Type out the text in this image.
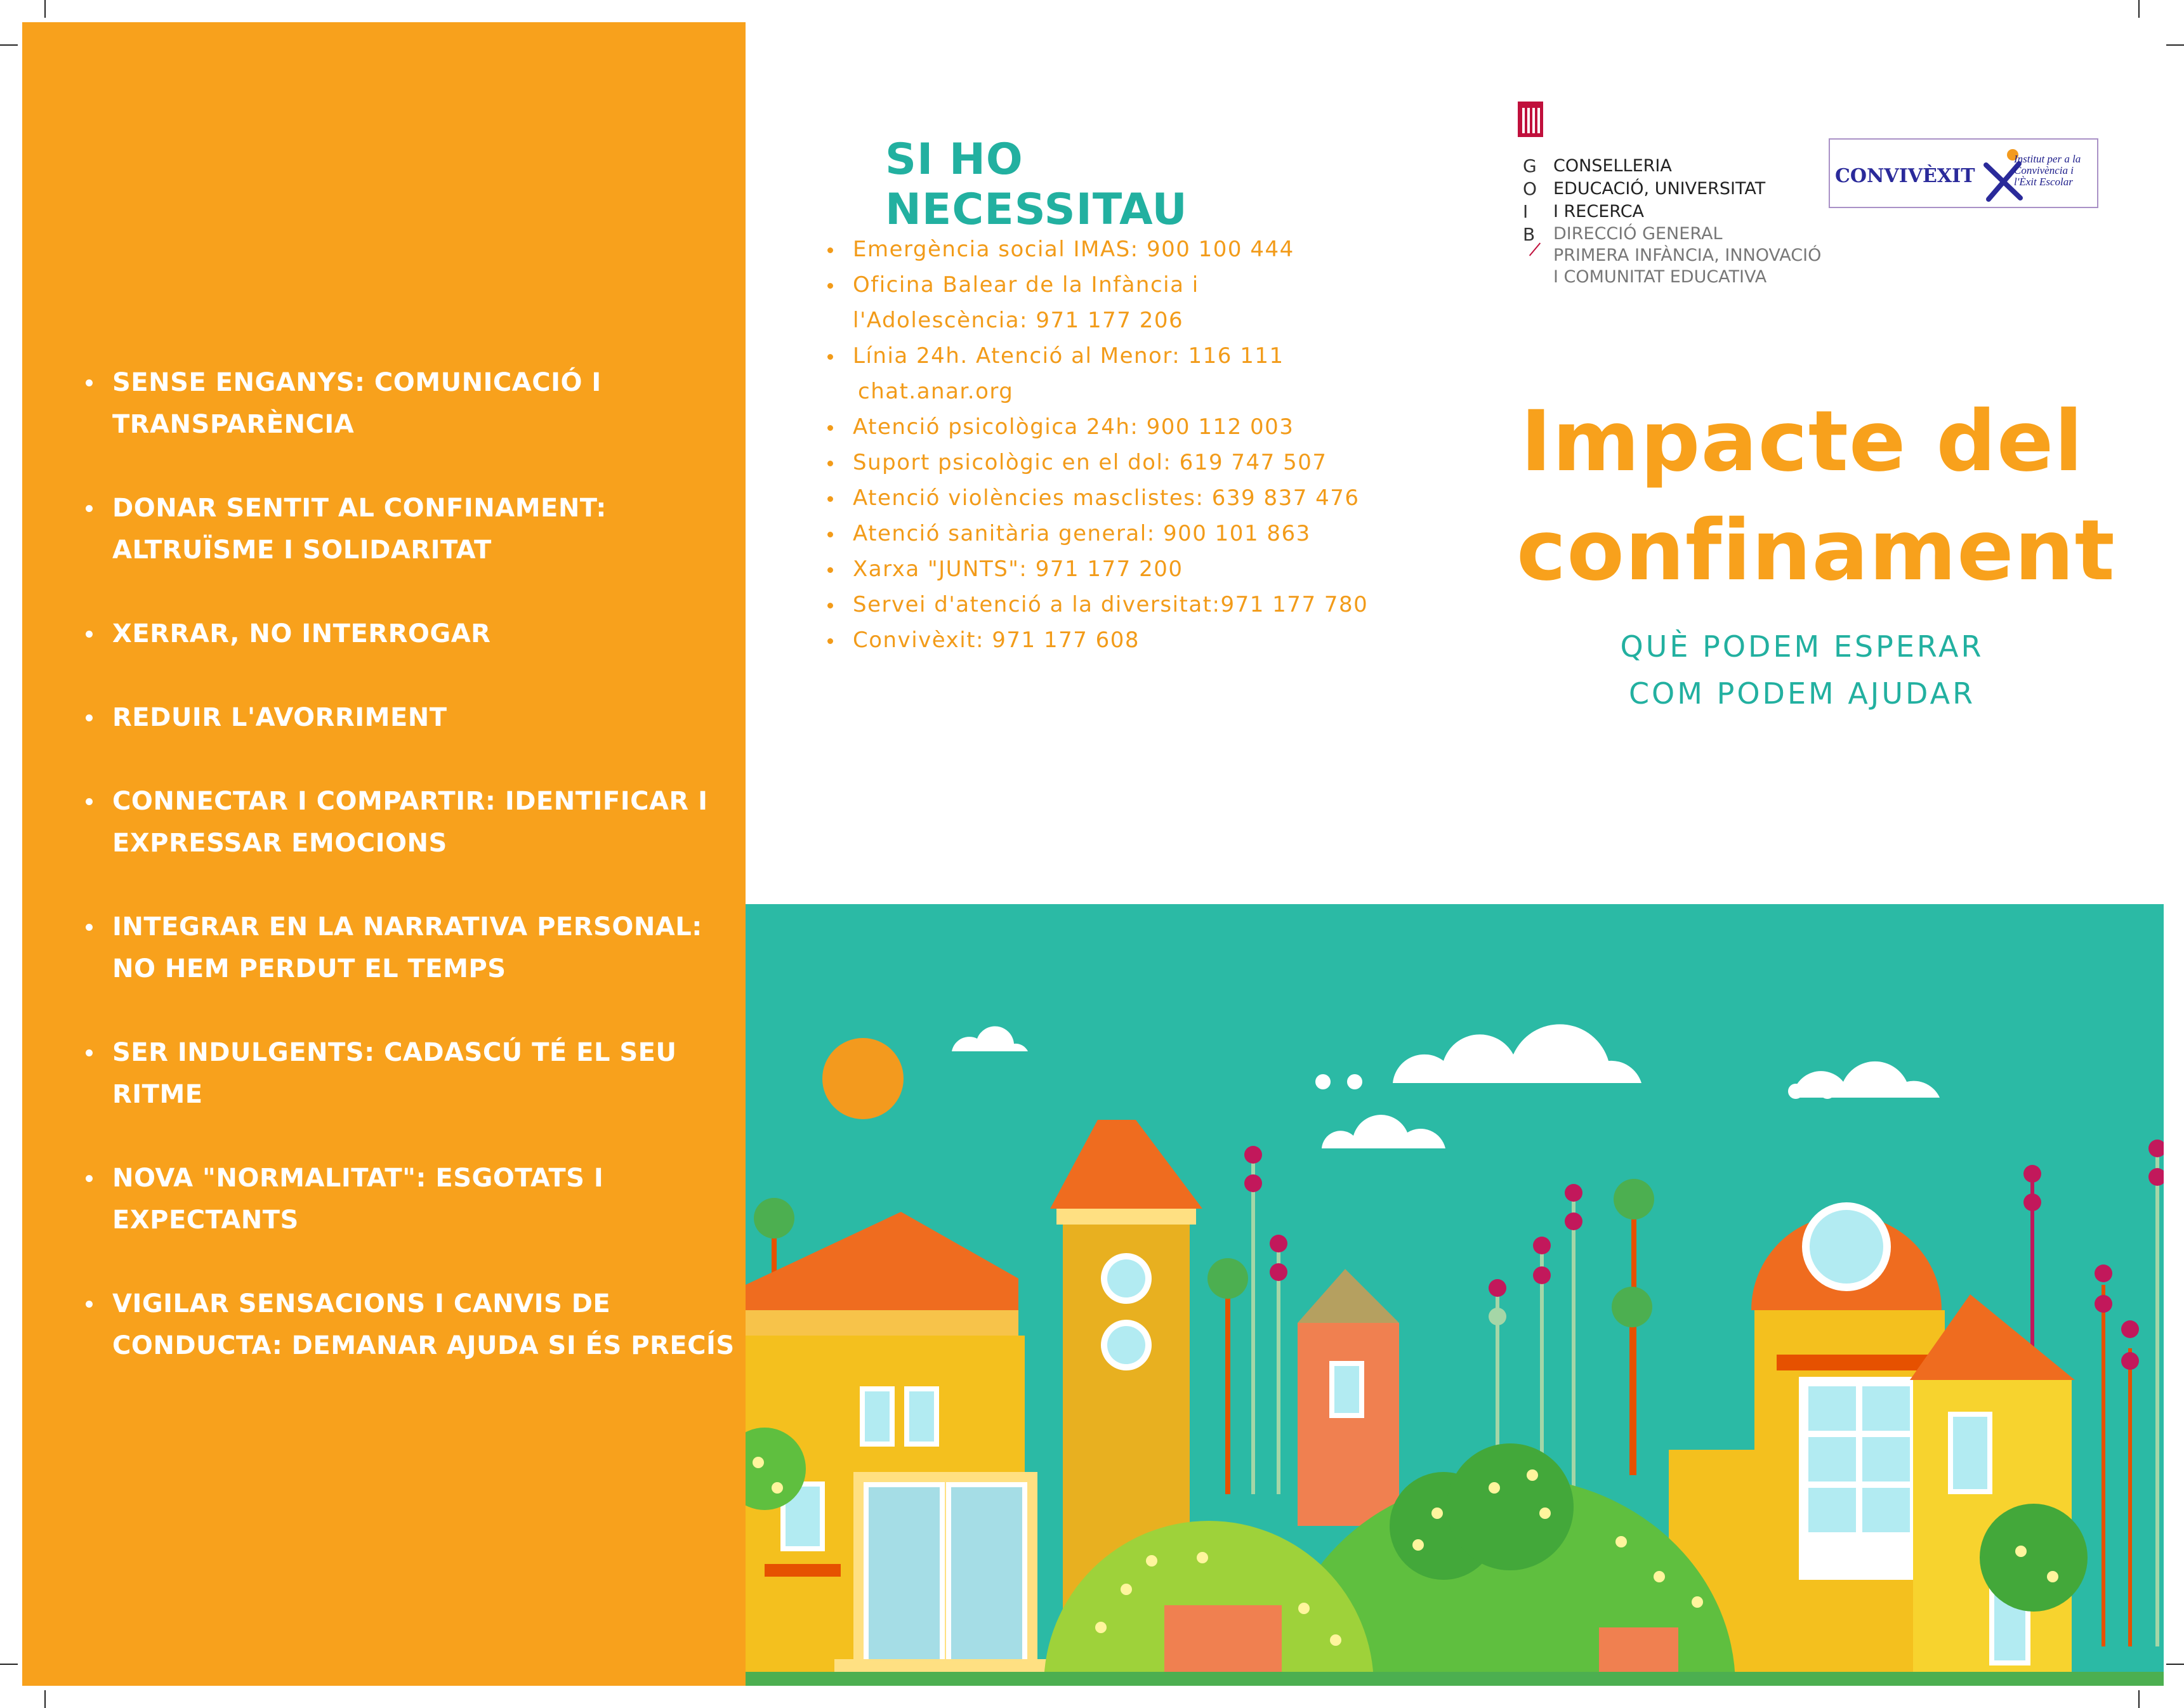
SENSE ENGANYS: COMUNICACIÓ I TRANSPARÈNCIA
DONAR SENTIT AL CONFINAMENT: ALTRUÏSME I SOLIDARITAT
XERRAR, NO INTERROGAR
REDUIR L'AVORRIMENT
CONNECTAR I COMPARTIR: IDENTIFICAR I EXPRESSAR EMOCIONS
INTEGRAR EN LA NARRATIVA PERSONAL: NO HEM PERDUT EL TEMPS
SER INDULGENTS: CADASCÚ TÉ EL SEU RITME
NOVA "NORMALITAT": ESGOTATS I EXPECTANTS
VIGILAR SENSACIONS I CANVIS DE CONDUCTA: DEMANAR AJUDA SI ÉS PRECÍS
SI HO NECESSITAU
Emergència social IMAS: 900 100 444
Oficina Balear de la Infància i
l'Adolescència: 971 177 206
Línia 24h. Atenció al Menor: 116 111
chat.anar.org
Atenció psicològica 24h: 900 112 003
Suport psicològic en el dol: 619 747 507
Atenció violències masclistes: 639 837 476
Atenció sanitària general: 900 101 863
Xarxa "JUNTS": 971 177 200
Servei d'atenció a la diversitat:971 177 780
Convivèxit: 971 177 608
G
O
I
B
CONSELLERIA
EDUCACIÓ, UNIVERSITAT
I RECERCA
DIRECCIÓ GENERAL
PRIMERA INFÀNCIA, INNOVACIÓ
I COMUNITAT EDUCATIVA
CONVIVÈXIT
Institut per a la Convivència i l'Èxit Escolar
Impacte del
confinament
QUÈ PODEM ESPERAR
COM PODEM AJUDAR
